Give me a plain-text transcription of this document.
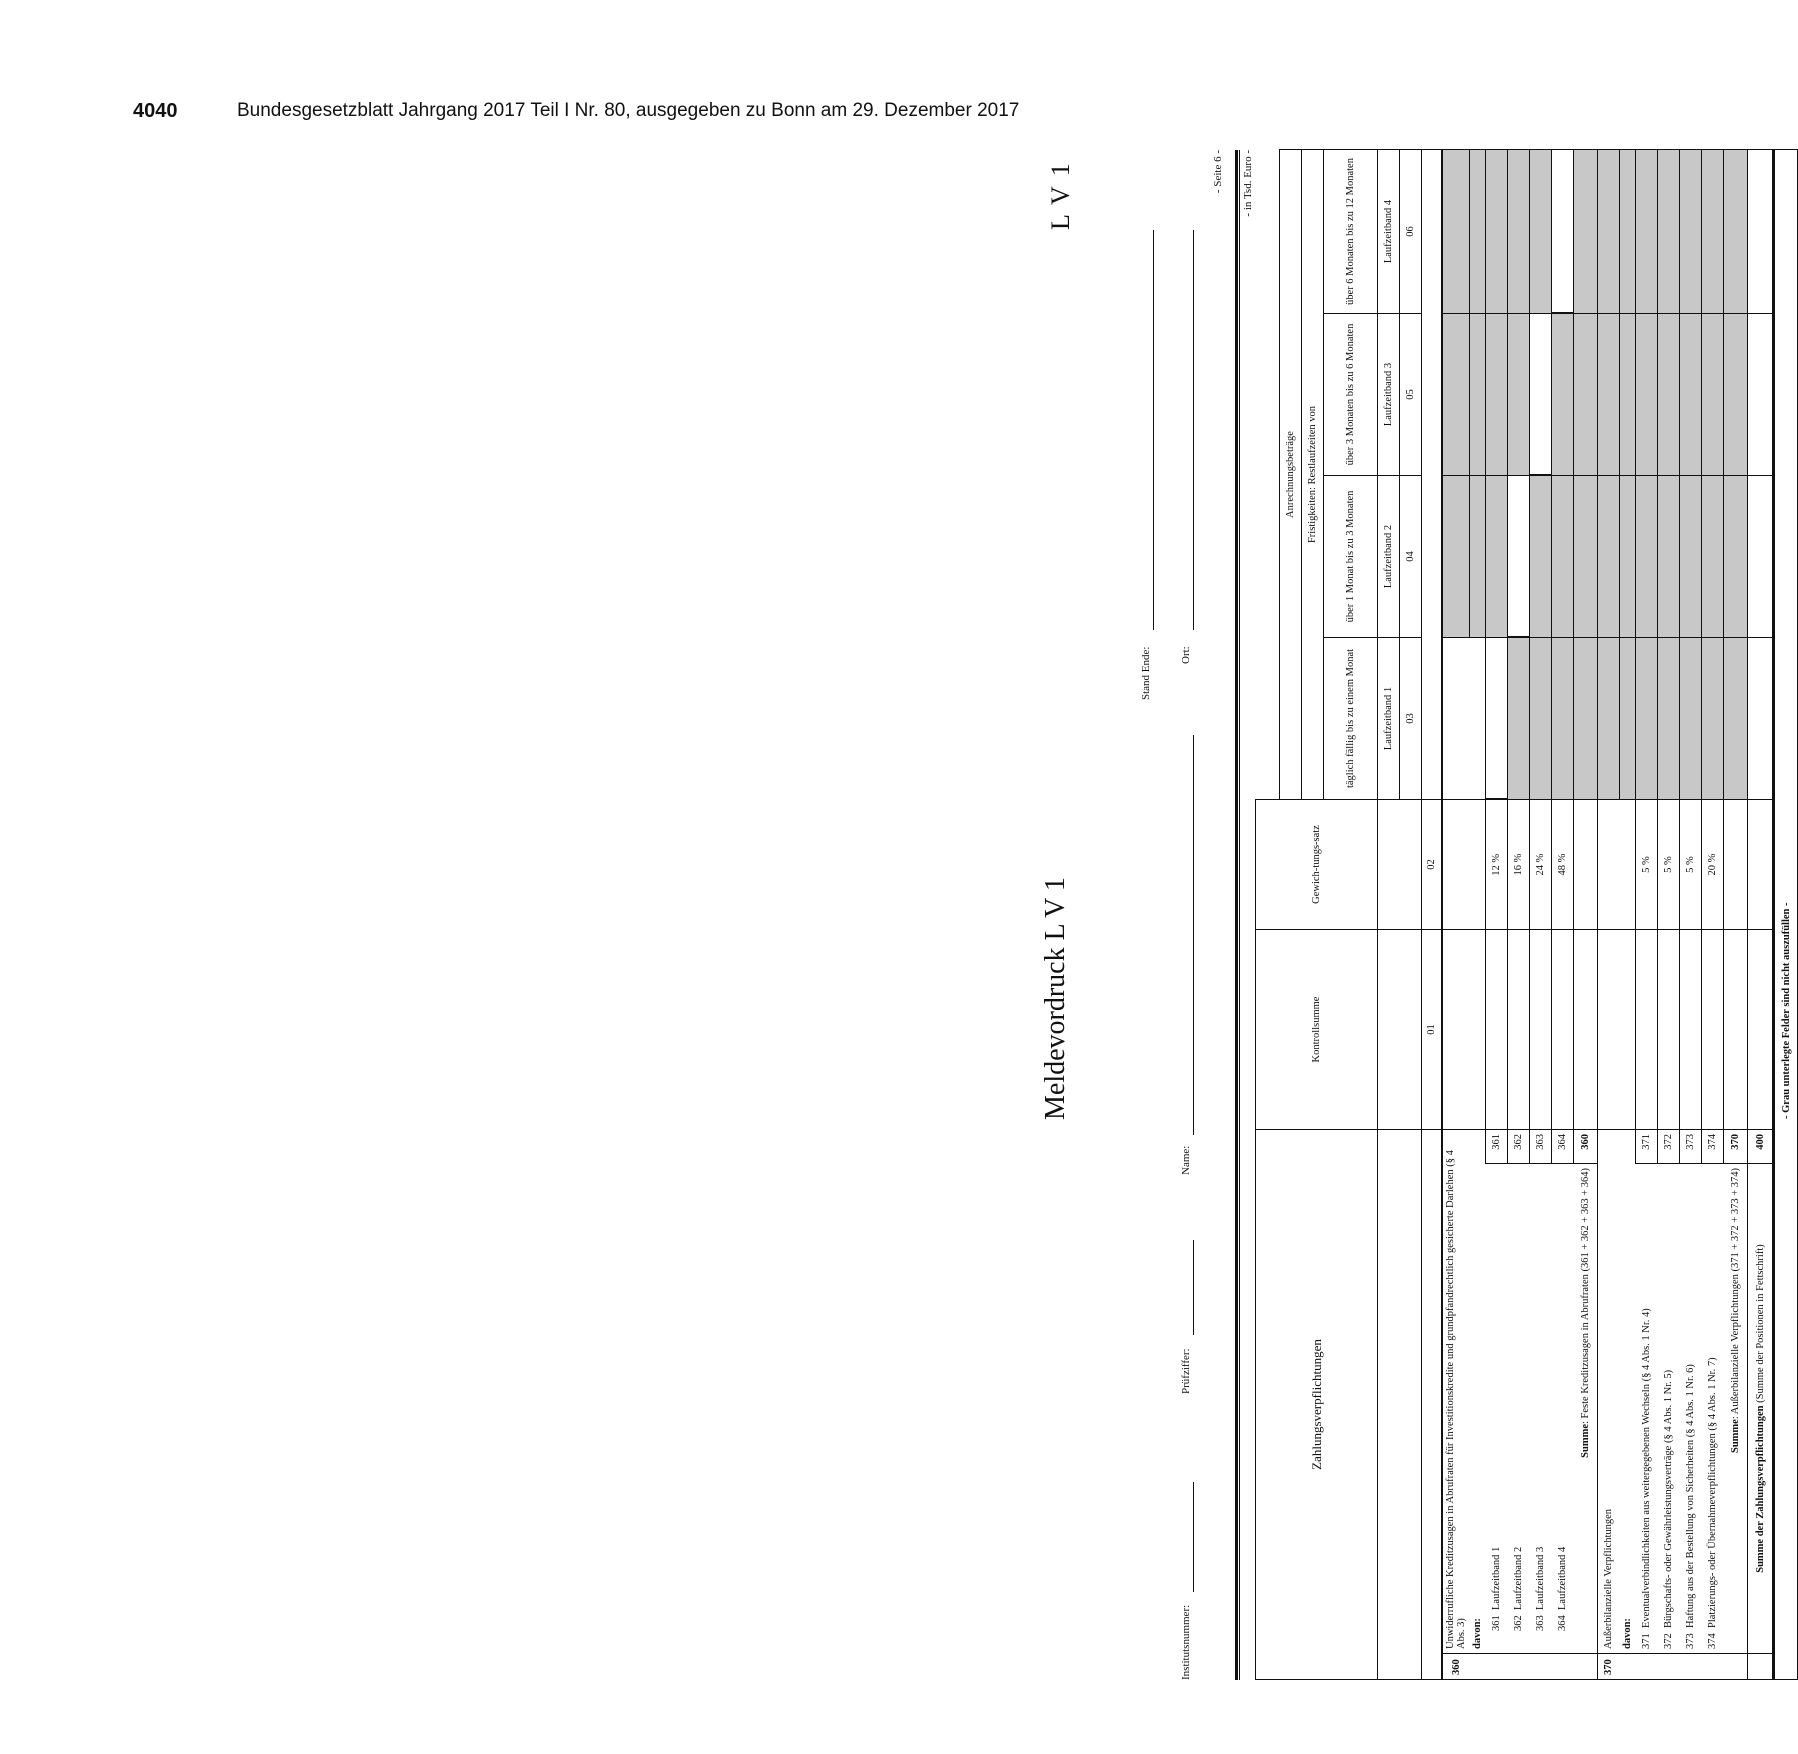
4040	Bundesgesetzblatt Jahrgang 2017 Teil I Nr. 80, ausgegeben zu Bonn am 29. Dezember 2017
Meldevordruck L V 1
L V 1
Institutsnummer:
Prüfziffer:
Name:
Stand Ende:	Ort:
- Seite 6 - - in Tsd. Euro -
Zahlungsverpflichtungen			Kontrollsumme	Gewich-tungs-satz				
					Anrechnungsbeträge			
					Fristigkeiten: Restlaufzeiten von			
					täglich fällig bis zu einem Monat	über 1 Monat bis zu 3 Monaten	über 3 Monaten bis zu 6 Monaten	über 6 Monaten bis zu 12 Monaten
					Laufzeitband 1	Laufzeitband 2	Laufzeitband 3	Laufzeitband 4
					03	04	05	06
			01	02				
360	Unwiderrufliche Kreditzusagen in Abrufraten für Investitionskredite und grundpfandrechtlich gesicherte Darlehen (§ 4 Abs. 3)							
	davon:							
	361  Laufzeitband 1	361		12 %				
	362  Laufzeitband 2	362		16 %				
	363  Laufzeitband 3	363		24 %				
	364  Laufzeitband 4	364		48 %				
	Summe: Feste Kreditzusagen in Abrufraten (361 + 362 + 363 + 364)	360						
370	Außerbilanzielle Verpflichtungen							
	davon:							
	371  Eventualverbindlichkeiten aus weitergegebenen Wechseln (§ 4 Abs. 1 Nr. 4)	371		5 %				
	372  Bürgschafts- oder Gewährleistungsverträge (§ 4 Abs. 1 Nr. 5)	372		5 %				
	373  Haftung aus der Bestellung von Sicherheiten (§ 4 Abs. 1 Nr. 6)	373		5 %				
	374  Platzierungs- oder Übernahmeverpflichtungen (§ 4 Abs. 1 Nr. 7)	374		20 %				
	Summe: Außerbilanzielle Verpflichtungen (371 + 372 + 373 + 374)	370						
	Summe der Zahlungsverpflichtungen (Summe der Positionen in Fettschrift)	400						
- Grau unterlegte Felder sind nicht auszufüllen -								
